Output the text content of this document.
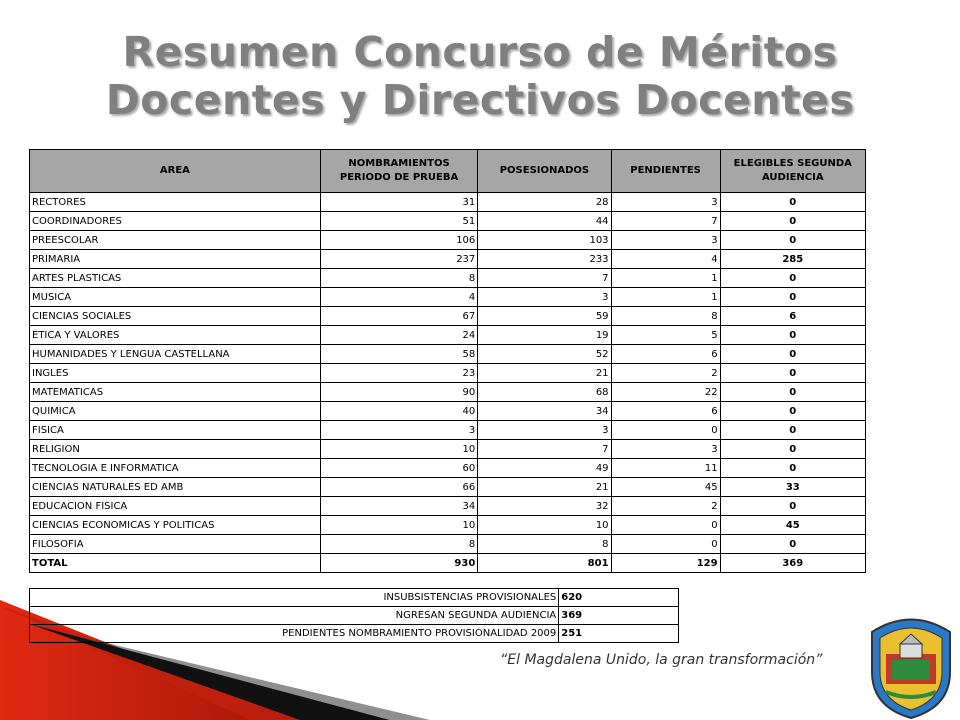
Resumen Concurso de Méritos
Docentes y Directivos Docentes
AREA	NOMBRAMIENTOS PERIODO DE PRUEBA	POSESIONADOS	PENDIENTES	ELEGIBLES SEGUNDA AUDIENCIA
RECTORES	31	28	3	0
COORDINADORES	51	44	7	0
PREESCOLAR	106	103	3	0
PRIMARIA	237	233	4	285
ARTES PLASTICAS	8	7	1	0
MUSICA	4	3	1	0
CIENCIAS SOCIALES	67	59	8	6
ETICA Y VALORES	24	19	5	0
HUMANIDADES Y LENGUA CASTELLANA	58	52	6	0
INGLES	23	21	2	0
MATEMATICAS	90	68	22	0
QUIMICA	40	34	6	0
FISICA	3	3	0	0
RELIGION	10	7	3	0
TECNOLOGIA E INFORMATICA	60	49	11	0
CIENCIAS NATURALES ED AMB	66	21	45	33
EDUCACION FISICA	34	32	2	0
CIENCIAS ECONOMICAS Y POLITICAS	10	10	0	45
FILOSOFIA	8	8	0	0
TOTAL	930	801	129	369
INSUBSISTENCIAS PROVISIONALES	620
NGRESAN SEGUNDA AUDIENCIA	369
PENDIENTES NOMBRAMIENTO PROVISIONALIDAD 2009	251
“El Magdalena Unido, la gran transformación”
